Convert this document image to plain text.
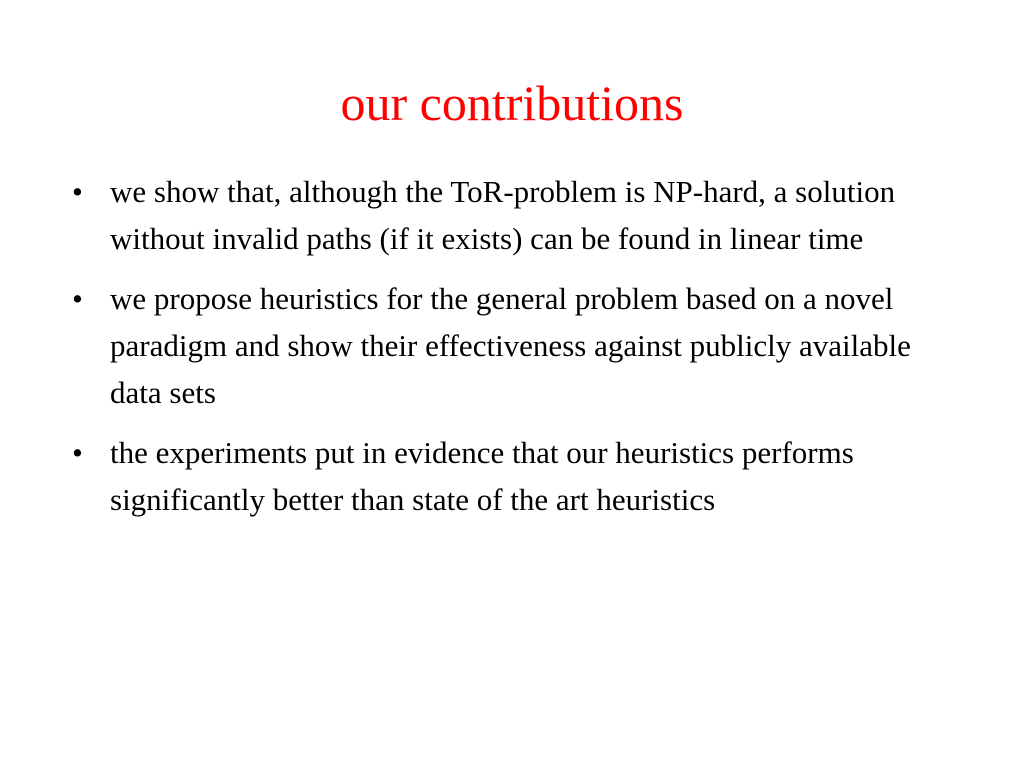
our contributions
• we show that, although the ToR-problem is NP-hard, a solution without invalid paths (if it exists) can be found in linear time
• we propose heuristics for the general problem based on a novel paradigm and show their effectiveness against publicly available data sets
• the experiments put in evidence that our heuristics performs significantly better than state of the art heuristics
